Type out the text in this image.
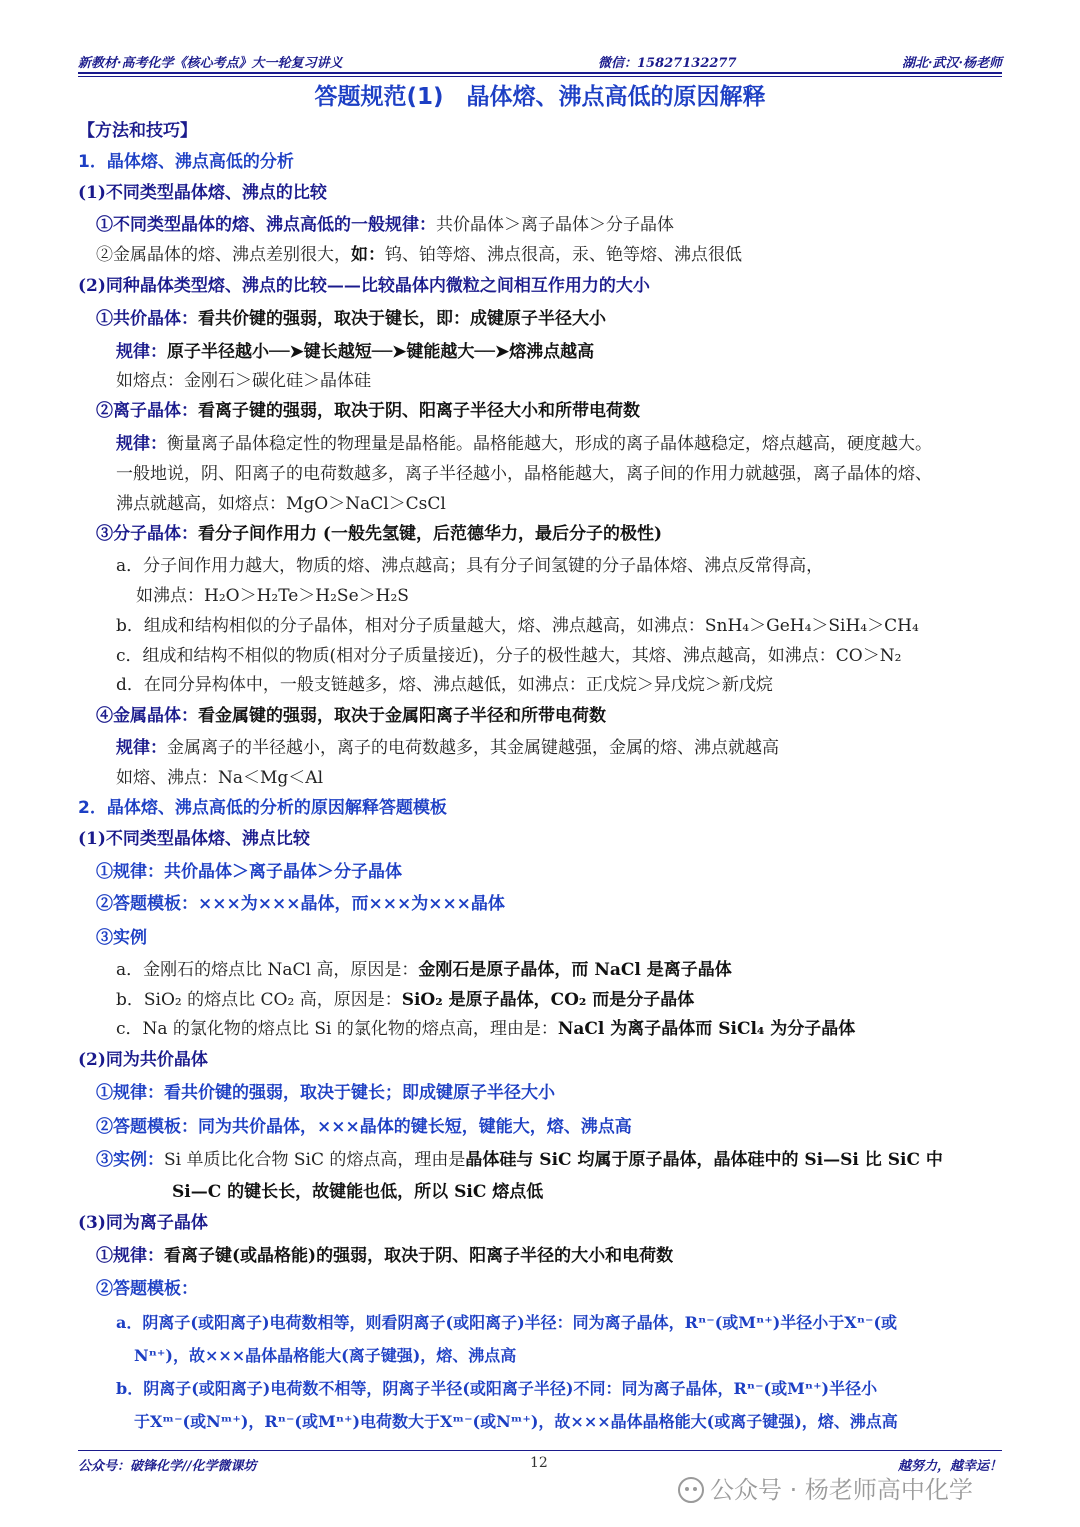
新教材·高考化学《核心考点》大一轮复习讲义	微信：15827132277	湖北·武汉·杨老师
答题规范(1)　晶体熔、沸点高低的原因解释
【方法和技巧】
1．晶体熔、沸点高低的分析
(1)不同类型晶体熔、沸点的比较
①不同类型晶体的熔、沸点高低的一般规律：共价晶体＞离子晶体＞分子晶体
②金属晶体的熔、沸点差别很大，如：钨、铂等熔、沸点很高，汞、铯等熔、沸点很低
(2)同种晶体类型熔、沸点的比较——比较晶体内微粒之间相互作用力的大小
①共价晶体：看共价键的强弱，取决于键长，即：成键原子半径大小
规律：原子半径越小──➤键长越短──➤键能越大──➤熔沸点越高
如熔点：金刚石＞碳化硅＞晶体硅
②离子晶体：看离子键的强弱，取决于阴、阳离子半径大小和所带电荷数
规律：衡量离子晶体稳定性的物理量是晶格能。晶格能越大，形成的离子晶体越稳定，熔点越高，硬度越大。
一般地说，阴、阳离子的电荷数越多，离子半径越小，晶格能越大，离子间的作用力就越强，离子晶体的熔、
沸点就越高，如熔点：MgO＞NaCl＞CsCl
③分子晶体：看分子间作用力 (一般先氢键，后范德华力，最后分子的极性)
a．分子间作用力越大，物质的熔、沸点越高；具有分子间氢键的分子晶体熔、沸点反常得高，
如沸点：H₂O＞H₂Te＞H₂Se＞H₂S
b．组成和结构相似的分子晶体，相对分子质量越大，熔、沸点越高，如沸点：SnH₄＞GeH₄＞SiH₄＞CH₄
c．组成和结构不相似的物质(相对分子质量接近)，分子的极性越大，其熔、沸点越高，如沸点：CO＞N₂
d．在同分异构体中，一般支链越多，熔、沸点越低，如沸点：正戊烷＞异戊烷＞新戊烷
④金属晶体：看金属键的强弱，取决于金属阳离子半径和所带电荷数
规律：金属离子的半径越小，离子的电荷数越多，其金属键越强，金属的熔、沸点就越高
如熔、沸点：Na＜Mg＜Al
2．晶体熔、沸点高低的分析的原因解释答题模板
(1)不同类型晶体熔、沸点比较
①规律：共价晶体＞离子晶体＞分子晶体
②答题模板：×××为×××晶体，而×××为×××晶体
③实例
a．金刚石的熔点比 NaCl 高，原因是：金刚石是原子晶体，而 NaCl 是离子晶体
b．SiO₂ 的熔点比 CO₂ 高，原因是：SiO₂ 是原子晶体，CO₂ 而是分子晶体
c．Na 的氯化物的熔点比 Si 的氯化物的熔点高，理由是：NaCl 为离子晶体而 SiCl₄ 为分子晶体
(2)同为共价晶体
①规律：看共价键的强弱，取决于键长；即成键原子半径大小
②答题模板：同为共价晶体，×××晶体的键长短，键能大，熔、沸点高
③实例：Si 单质比化合物 SiC 的熔点高，理由是晶体硅与 SiC 均属于原子晶体，晶体硅中的 Si—Si 比 SiC 中
Si—C 的键长长，故键能也低，所以 SiC 熔点低
(3)同为离子晶体
①规律：看离子键(或晶格能)的强弱，取决于阴、阳离子半径的大小和电荷数
②答题模板：
a．阴离子(或阳离子)电荷数相等，则看阴离子(或阳离子)半径：同为离子晶体，Rⁿ⁻(或Mⁿ⁺)半径小于Xⁿ⁻(或
Nⁿ⁺)，故×××晶体晶格能大(离子键强)，熔、沸点高
b．阴离子(或阳离子)电荷数不相等，阴离子半径(或阳离子半径)不同：同为离子晶体，Rⁿ⁻(或Mⁿ⁺)半径小
于Xᵐ⁻(或Nᵐ⁺)，Rⁿ⁻(或Mⁿ⁺)电荷数大于Xᵐ⁻(或Nᵐ⁺)，故×××晶体晶格能大(或离子键强)，熔、沸点高
公众号：破锋化学//化学微课坊	12	越努力，越幸运！
公众号 · 杨老师高中化学
